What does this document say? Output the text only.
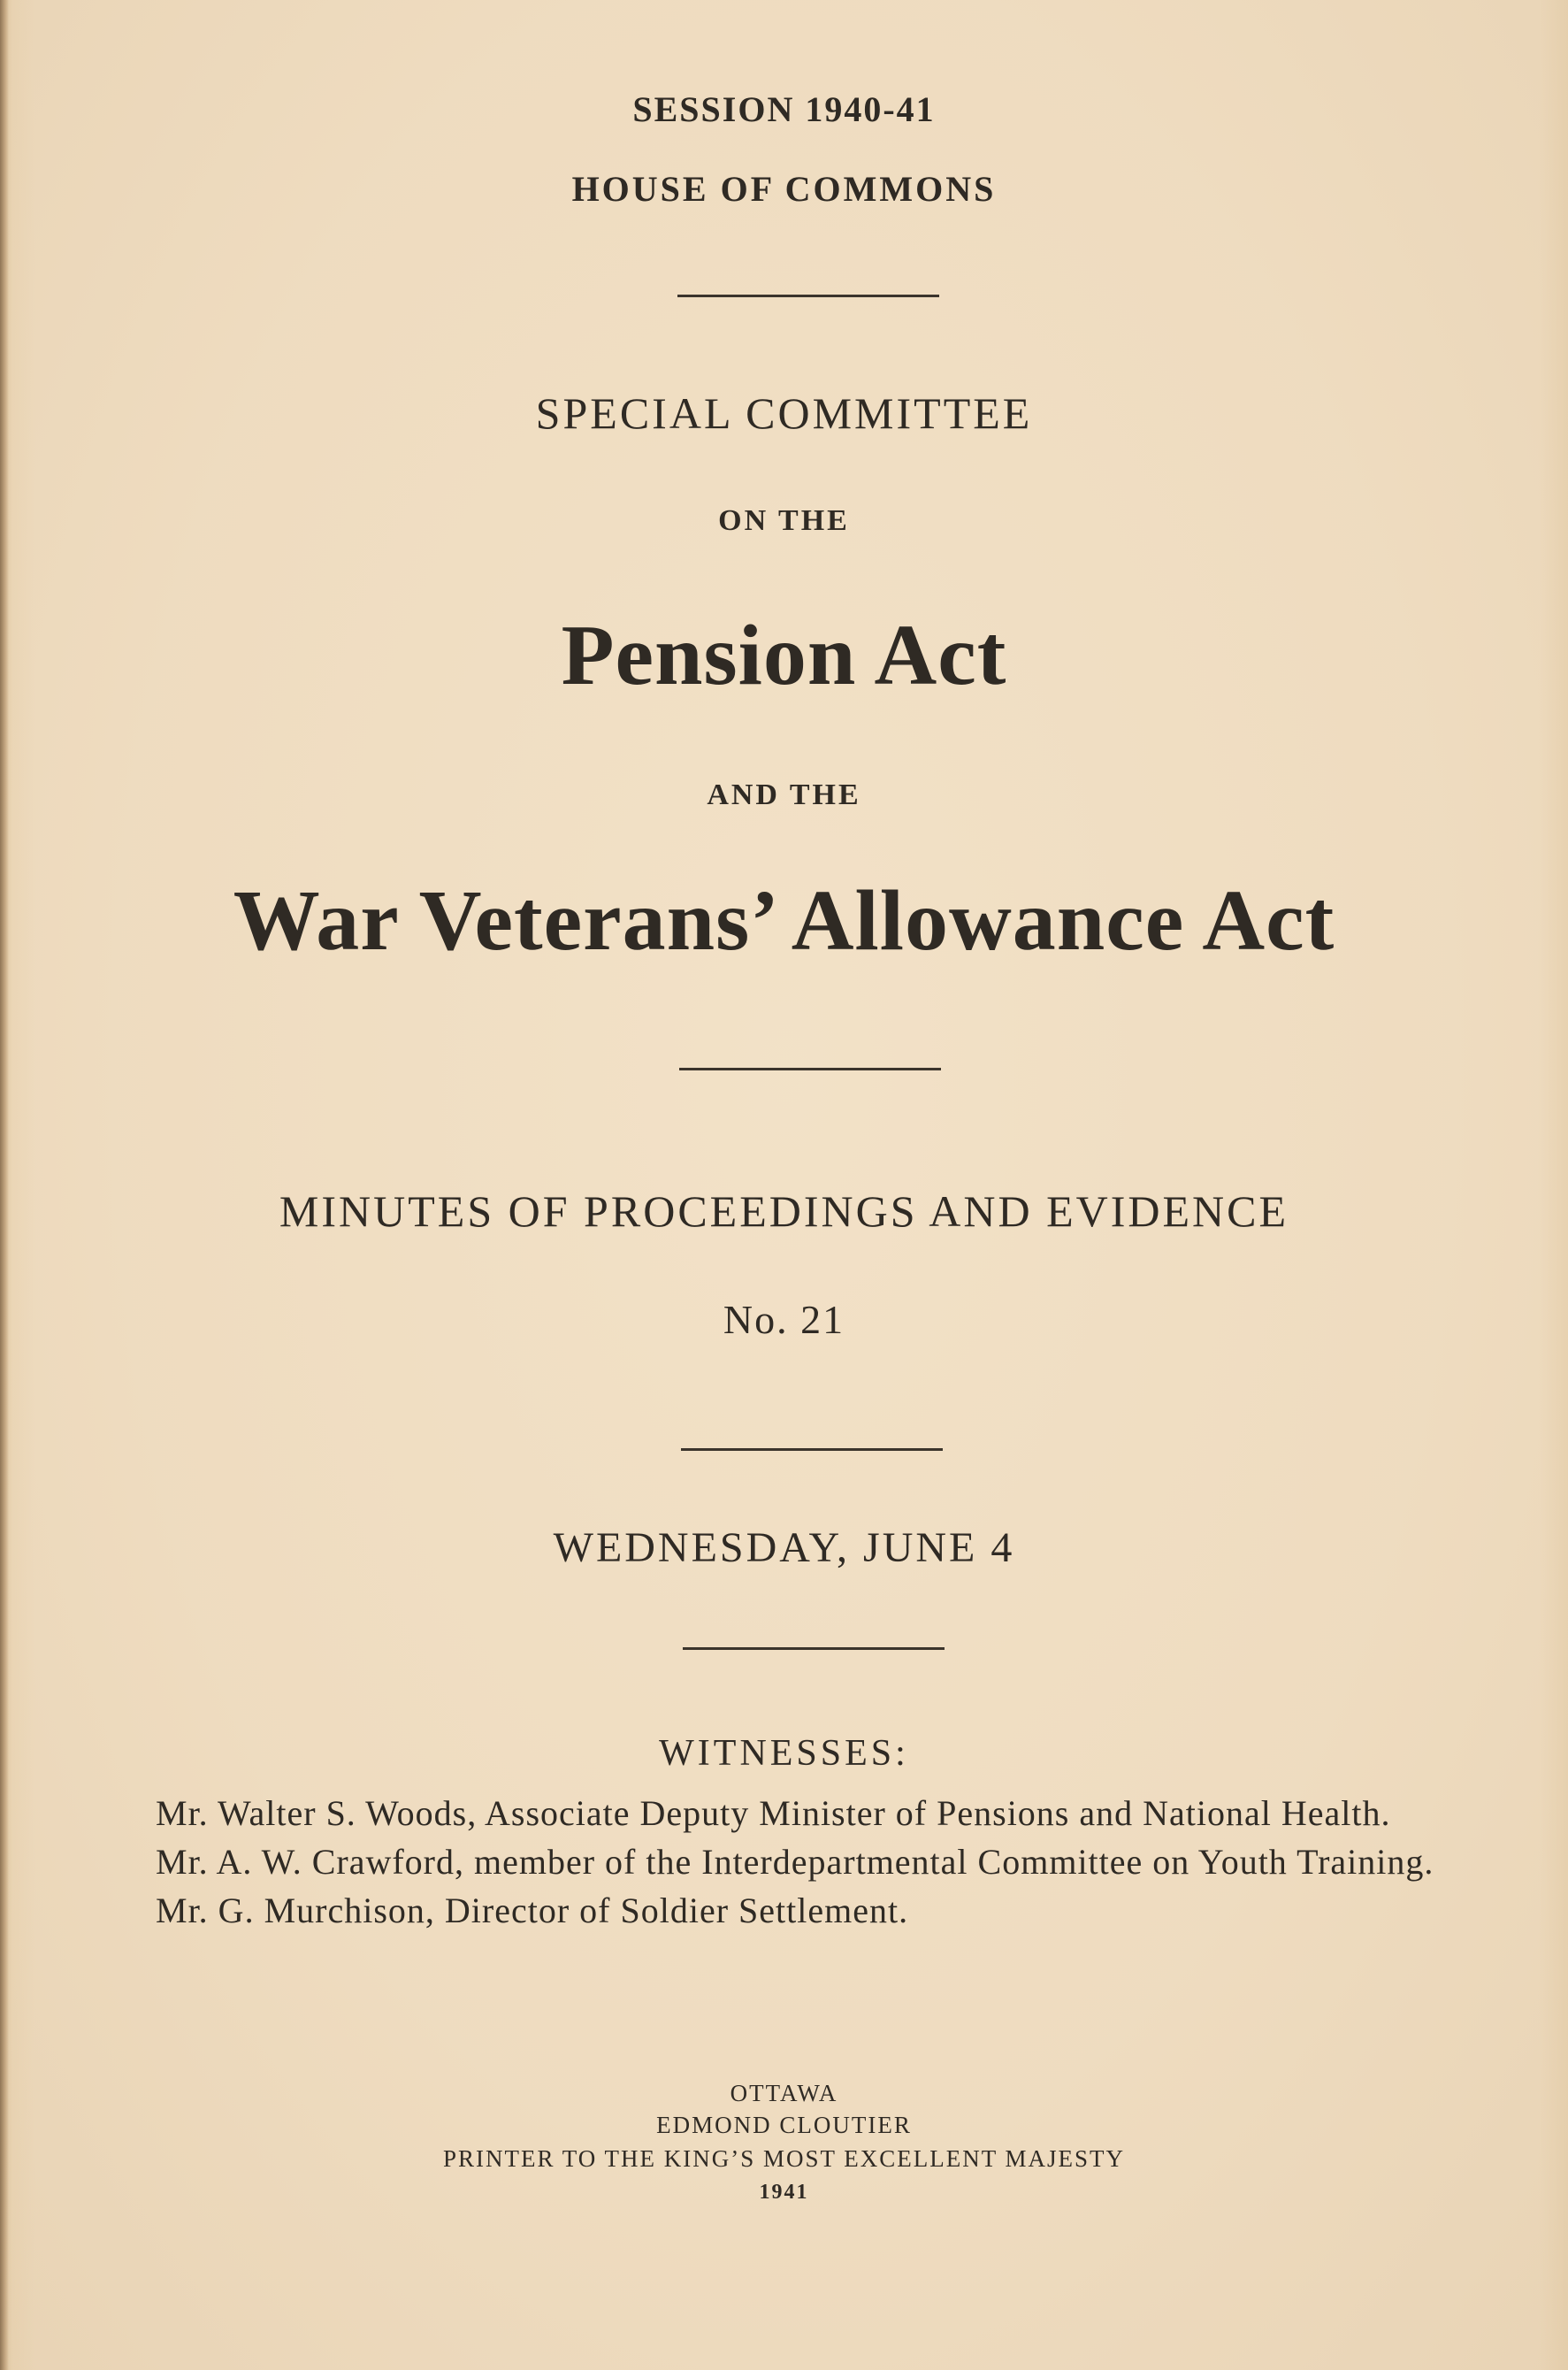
SESSION 1940-41
HOUSE OF COMMONS
SPECIAL COMMITTEE
ON THE
Pension Act
AND THE
War Veterans’ Allowance Act
MINUTES OF PROCEEDINGS AND EVIDENCE
No. 21
WEDNESDAY, JUNE 4
WITNESSES:
Mr. Walter S. Woods, Associate Deputy Minister of Pensions and National Health.
Mr. A. W. Crawford, member of the Interdepartmental Committee on Youth Training.
Mr. G. Murchison, Director of Soldier Settlement.
OTTAWA
EDMOND CLOUTIER
PRINTER TO THE KING’S MOST EXCELLENT MAJESTY
1941
